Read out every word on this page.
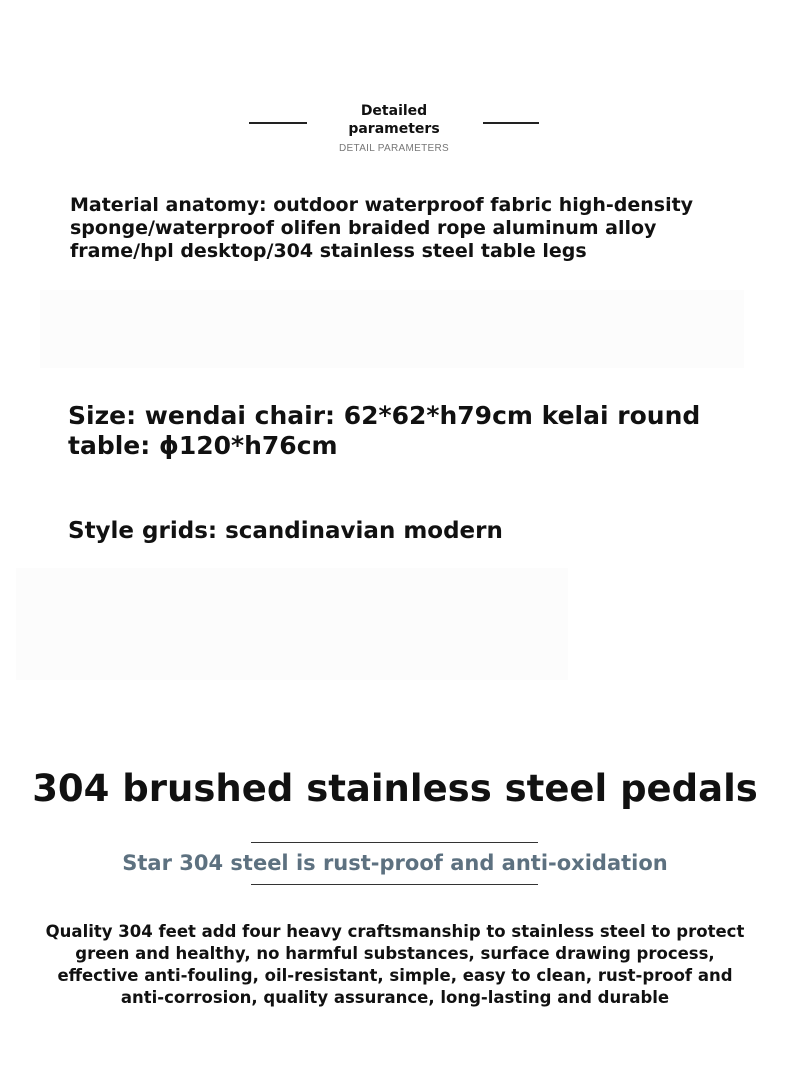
Detailed
parameters
DETAIL PARAMETERS
Material anatomy: outdoor waterproof fabric high-density
sponge/waterproof olifen braided rope aluminum alloy
frame/hpl desktop/304 stainless steel table legs
Size: wendai chair: 62*62*h79cm kelai round
table: ϕ120*h76cm
Style grids: scandinavian modern
304 brushed stainless steel pedals
Star 304 steel is rust-proof and anti-oxidation
Quality 304 feet add four heavy craftsmanship to stainless steel to protect
green and healthy, no harmful substances, surface drawing process,
effective anti-fouling, oil-resistant, simple, easy to clean, rust-proof and
anti-corrosion, quality assurance, long-lasting and durable
